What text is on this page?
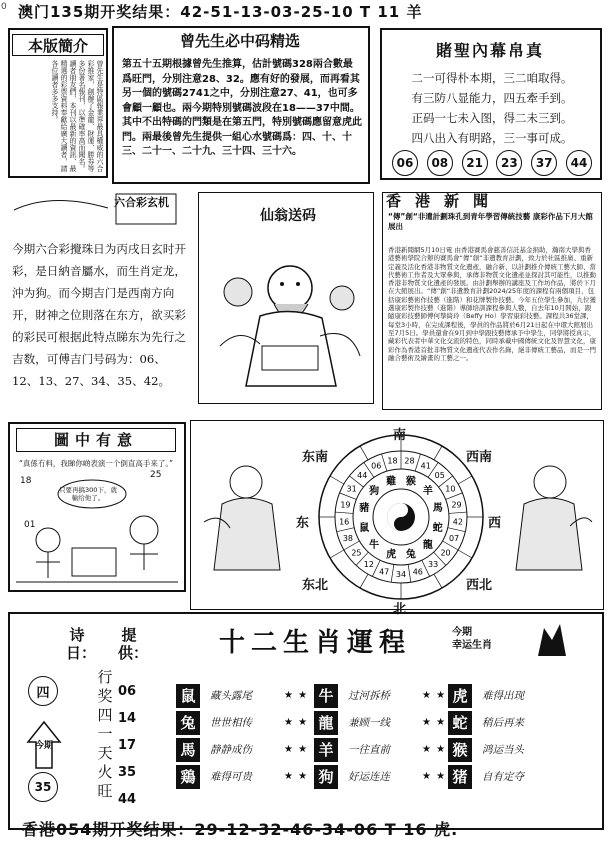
0 澳门135期开奖结果：42-51-13-03-25-10 T 11 羊
本版簡介
曾先生是特區報業界最具權威的六合彩推家，創辦了金龍、財運、勝券等多份著名報刊，以準確率高而聞名。讀者朋友們，本刊以最新的資訊、最精選的彩票資料奉獻給廣大讀者，請各位讀者多多支持。
曾先生必中码精选
第五十五期根據曾先生推算，估計號碼328兩合數最爲旺門，分別注意28、32。應有好的發展，而再看其另一個的號碼2741之中，分別注意27、41，也可多會顧一顧也。兩今期特別號碼波段在18——37中間。其中不出特碼的門類是在第五門，特別號碼應留意虎此門。兩最後曾先生提供一組心水號碼爲：四、十、十三、二十一、二十九、三十四、三十六。
賭聖內幕帛真
二一可得朴本期，三二咱取得。
有三防八显能力，四五牽手到。
正码一七未入图，得二未三到。
四八出入有明路，三一事可成。
06	08	21	23	37	44
六合彩玄机
今期六合彩攪珠日为丙戌日玄时开彩，是日納音屬水，而生肖定龙，沖为狗。而今期吉门是西南方向开，財神之位則落在东方，欲买彩的彩民可根据此特点睇东为先行之吉数，可傅吉门号码为：06、12、13、27、34、35、42。
仙翁送码
香港新聞
“傳”創“非遺計劃珠孔到青年學習傳統技藝 康彩作品下月大館展出
香港新聞網5月10日電 由香港賽馬會慈善信託基金捐助，瀚南大學與香港藝術學院合辦的賽馬會“傳”創“非遺教育計劃，致力於社區推廣、重新定義及活化香港非物質文化遺產，融合新、以計劃推介傳統工藝大師、當代藝術工作者及大眾參與，承傳非物質文化遺產並探討其可能性，以推動香港非物質文化遺產的發展。由計劃舉辦的講座及工作坊作品，將於下月在大館展出。“傳”創“非遺教育計劃2024/25年度的課程有兩個項目，包括康彩藝術作技藝（進階）和花牌製作技藝。今年五位學生參加，九位獲選康彩製作技藝（進階）導師培訓課程參與人數，自去年10月開始，跟隨康彩技藝師傅何摯綺玲（Beffy Ho）學習康彩技藝。課程共36堂課，每堂3小時，在完成課程後，學員的作品將於6月21日起在中環大館展出至7月5日。學員還會在9月到中學跟技藝傳承予中學生，同學將授真示，藏彩代表者中華文化交流的特色，同時承載中國傳統文化及智慧文化，康彩作為香港首批非物質文化遺產代表作名錄，絕非傳統工藝品，而是一門融合藝術及繪畫的工藝之一。
圖中有意
“真係冇料，我睇你啲表演一个倒直高手来了。”
只要再搞300下，就輸给他了。
18
25
01
28
41
05
10
29
42
07
20
33
46
34
47
12
25
38
16
19
31
44
06
18
猴
羊
馬
蛇
龍
兔
虎
牛
鼠
豬
狗
雞
南
北
东	西
东南	西南
东北	西北
诗日：
提供：	十二生肖運程	今期
幸运生肖
四
今期
35
行奖四一天火旺
06
14
17
35
44
鼠	藏头露尾	★ ★
兔	世世相传	★ ★
馬	静静成伤	★ ★
鶏	难得可贵	★ ★
牛	过河拆桥	★ ★
龍	兼顾一线	★ ★
羊	一往直前	★ ★
狗	好运连连	★ ★
虎	难得出现
蛇	稍后再来
猴	鸿运当头
猪	自有定夺
香港054期开奖结果：29-12-32-46-34-06 T 16 虎.
